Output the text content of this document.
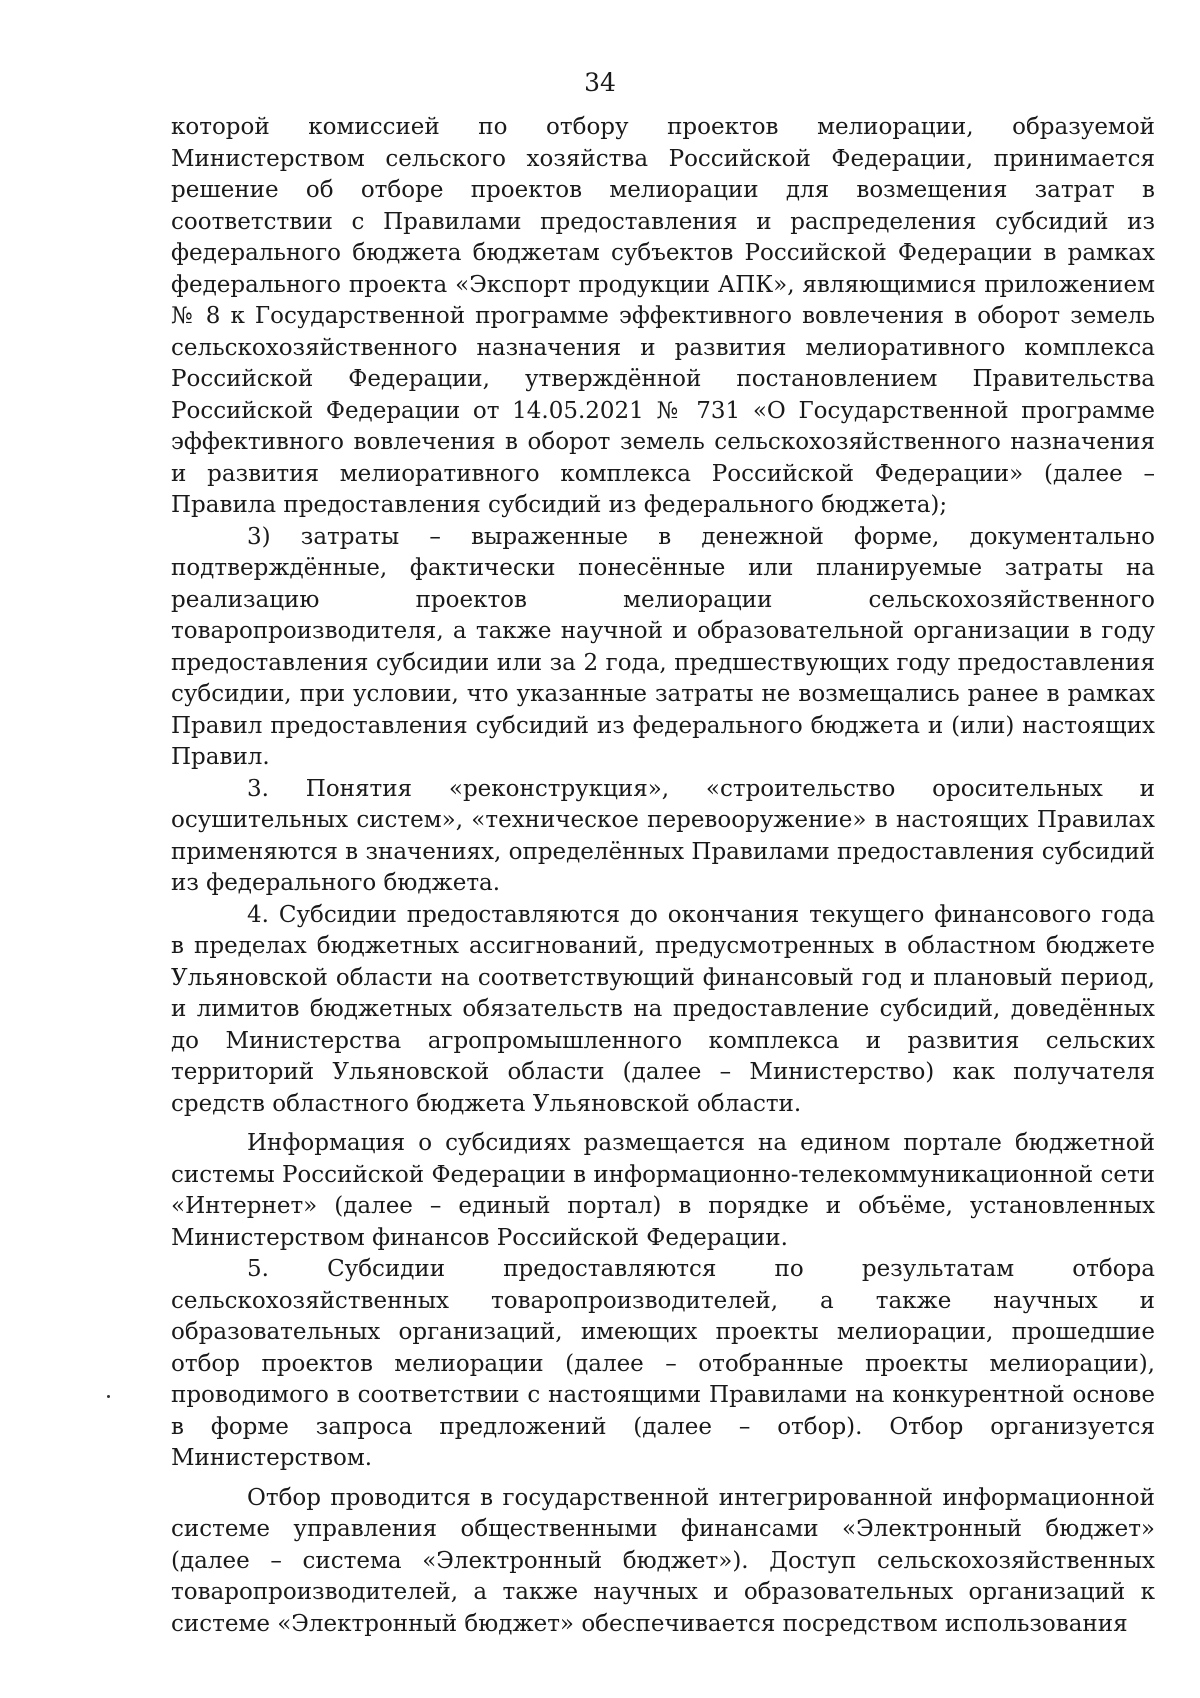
34

которой комиссией по отбору проектов мелиорации, образуемой Министерством сельского хозяйства Российской Федерации, принимается решение об отборе проектов мелиорации для возмещения затрат в соответствии с Правилами предоставления и распределения субсидий из федерального бюджета бюджетам субъектов Российской Федерации в рамках федерального проекта «Экспорт продукции АПК», являющимися приложением № 8 к Государственной программе эффективного вовлечения в оборот земель сельскохозяйственного назначения и развития мелиоративного комплекса Российской Федерации, утверждённой постановлением Правительства Российской Федерации от 14.05.2021 № 731 «О Государственной программе эффективного вовлечения в оборот земель сельскохозяйственного назначения и развития мелиоративного комплекса Российской Федерации» (далее – Правила предоставления субсидий из федерального бюджета);

3) затраты – выраженные в денежной форме, документально подтверждённые, фактически понесённые или планируемые затраты на реализацию проектов мелиорации сельскохозяйственного товаропроизводителя, а также научной и образовательной организации в году предоставления субсидии или за 2 года, предшествующих году предоставления субсидии, при условии, что указанные затраты не возмещались ранее в рамках Правил предоставления субсидий из федерального бюджета и (или) настоящих Правил.

3. Понятия «реконструкция», «строительство оросительных и осушительных систем», «техническое перевооружение» в настоящих Правилах применяются в значениях, определённых Правилами предоставления субсидий из федерального бюджета.

4. Субсидии предоставляются до окончания текущего финансового года в пределах бюджетных ассигнований, предусмотренных в областном бюджете Ульяновской области на соответствующий финансовый год и плановый период, и лимитов бюджетных обязательств на предоставление субсидий, доведённых до Министерства агропромышленного комплекса и развития сельских территорий Ульяновской области (далее – Министерство) как получателя средств областного бюджета Ульяновской области.

Информация о субсидиях размещается на едином портале бюджетной системы Российской Федерации в информационно-телекоммуникационной сети «Интернет» (далее – единый портал) в порядке и объёме, установленных Министерством финансов Российской Федерации.

5. Субсидии предоставляются по результатам отбора сельскохозяйственных товаропроизводителей, а также научных и образовательных организаций, имеющих проекты мелиорации, прошедшие отбор проектов мелиорации (далее – отобранные проекты мелиорации), проводимого в соответствии с настоящими Правилами на конкурентной основе в форме запроса предложений (далее – отбор). Отбор организуется Министерством.

Отбор проводится в государственной интегрированной информационной системе управления общественными финансами «Электронный бюджет» (далее – система «Электронный бюджет»). Доступ сельскохозяйственных товаропроизводителей, а также научных и образовательных организаций к системе «Электронный бюджет» обеспечивается посредством использования
